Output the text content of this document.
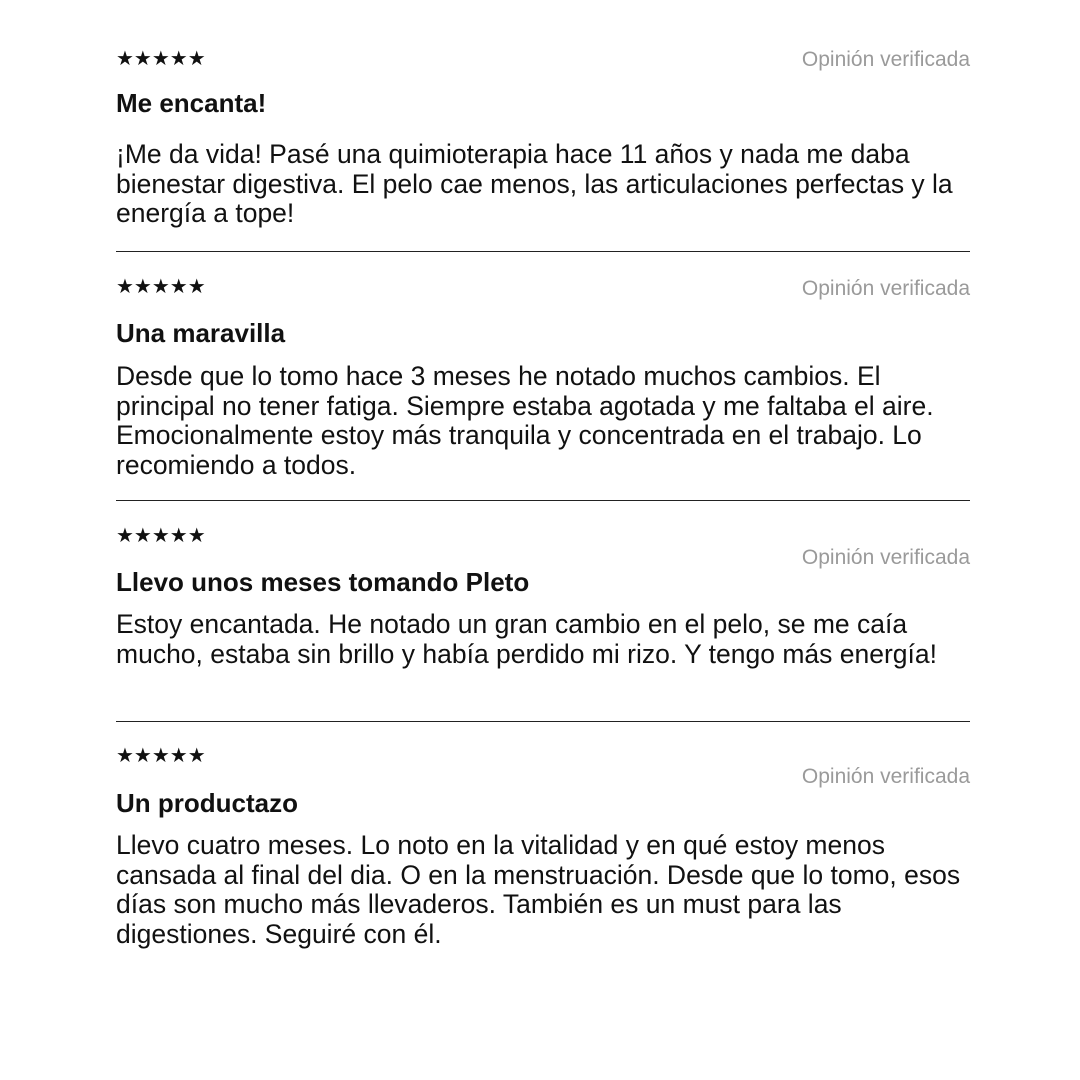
★★★★★	Opinión verificada
Me encanta!
¡Me da vida! Pasé una quimioterapia hace 11 años y nada me daba bienestar digestiva. El pelo cae menos, las articulaciones perfectas y la energía a tope!
★★★★★	Opinión verificada
Una maravilla
Desde que lo tomo hace 3 meses he notado muchos cambios. El principal no tener fatiga. Siempre estaba agotada y me faltaba el aire. Emocionalmente estoy más tranquila y concentrada en el trabajo. Lo recomiendo a todos.
★★★★★
Opinión verificada
Llevo unos meses tomando Pleto
Estoy encantada. He notado un gran cambio en el pelo, se me caía mucho, estaba sin brillo y había perdido mi rizo. Y tengo más energía!
★★★★★
Opinión verificada
Un productazo
Llevo cuatro meses. Lo noto en la vitalidad y en qué estoy menos cansada al final del dia. O en la menstruación. Desde que lo tomo, esos días son mucho más llevaderos. También es un must para las digestiones. Seguiré con él.
